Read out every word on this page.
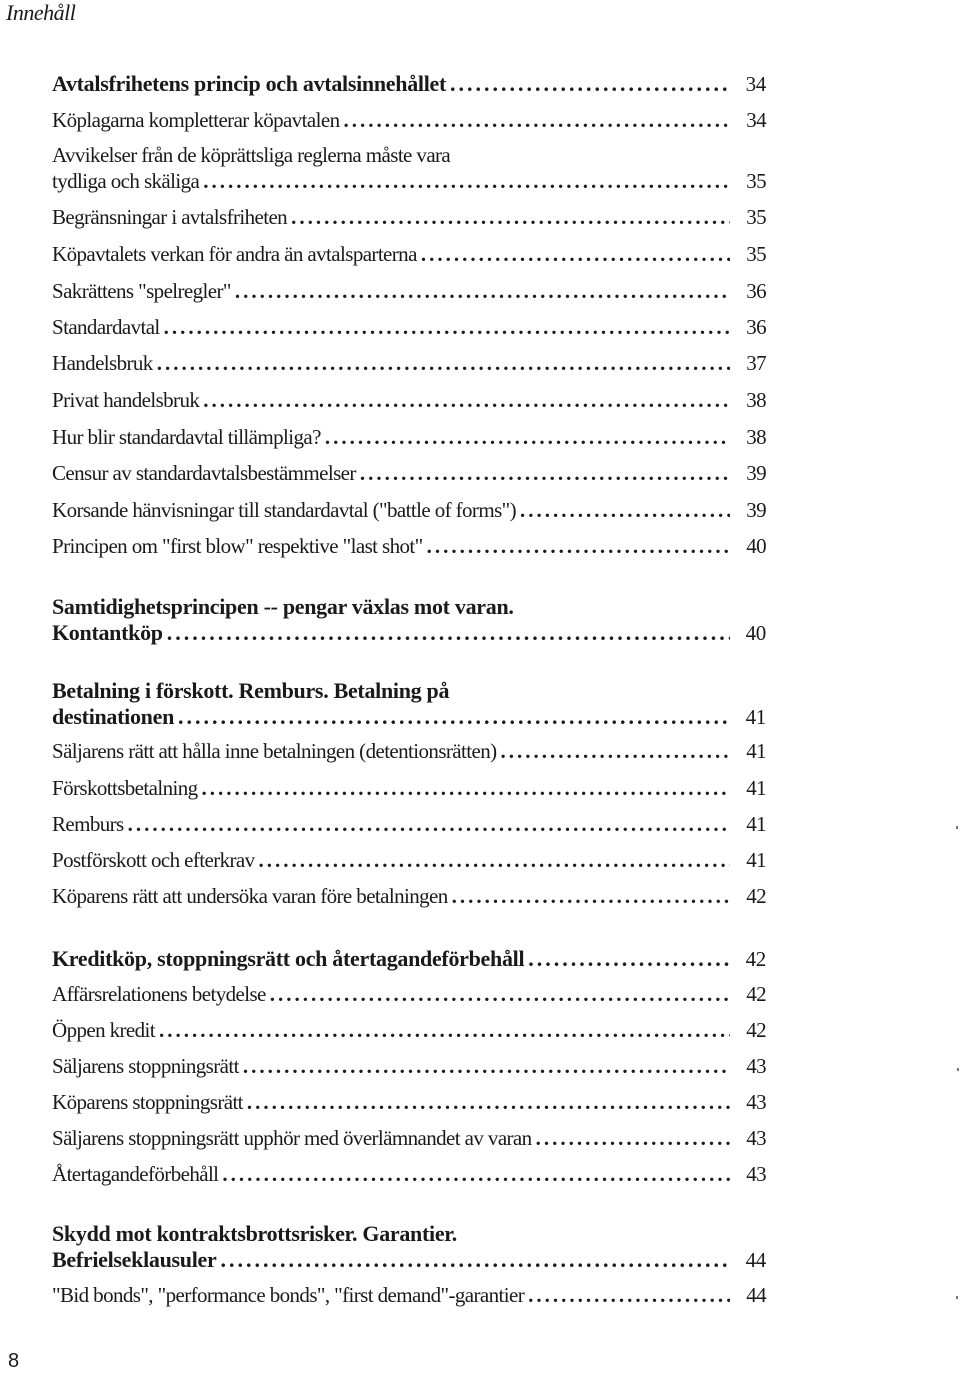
Innehåll
Avtalsfrihetens princip och avtalsinnehållet .....	34
Köplagarna kompletterar köpavtalen .....	34
Avvikelser från de köprättsliga reglerna måste vara
tydliga och skäliga .....	35
Begränsningar i avtalsfriheten .....	35
Köpavtalets verkan för andra än avtalsparterna .....	35
Sakrättens "spelregler" .....	36
Standardavtal .....	36
Handelsbruk .....	37
Privat handelsbruk .....	38
Hur blir standardavtal tillämpliga? .....	38
Censur av standardavtalsbestämmelser .....	39
Korsande hänvisningar till standardavtal ("battle of forms") .....	39
Principen om "first blow" respektive "last shot" .....	40
Samtidighetsprincipen -- pengar växlas mot varan.
Kontantköp .....	40
Betalning i förskott. Remburs. Betalning på
destinationen .....	41
Säljarens rätt att hålla inne betalningen (detentionsrätten) .....	41
Förskottsbetalning .....	41
Remburs .....	41
Postförskott och efterkrav .....	41
Köparens rätt att undersöka varan före betalningen .....	42
Kreditköp, stoppningsrätt och återtagandeförbehåll .....	42
Affärsrelationens betydelse .....	42
Öppen kredit .....	42
Säljarens stoppningsrätt .....	43
Köparens stoppningsrätt .....	43
Säljarens stoppningsrätt upphör med överlämnandet av varan .....	43
Återtagandeförbehåll .....	43
Skydd mot kontraktsbrottsrisker. Garantier.
Befrielseklausuler .....	44
"Bid bonds", "performance bonds", "first demand"-garantier .....	44
8
